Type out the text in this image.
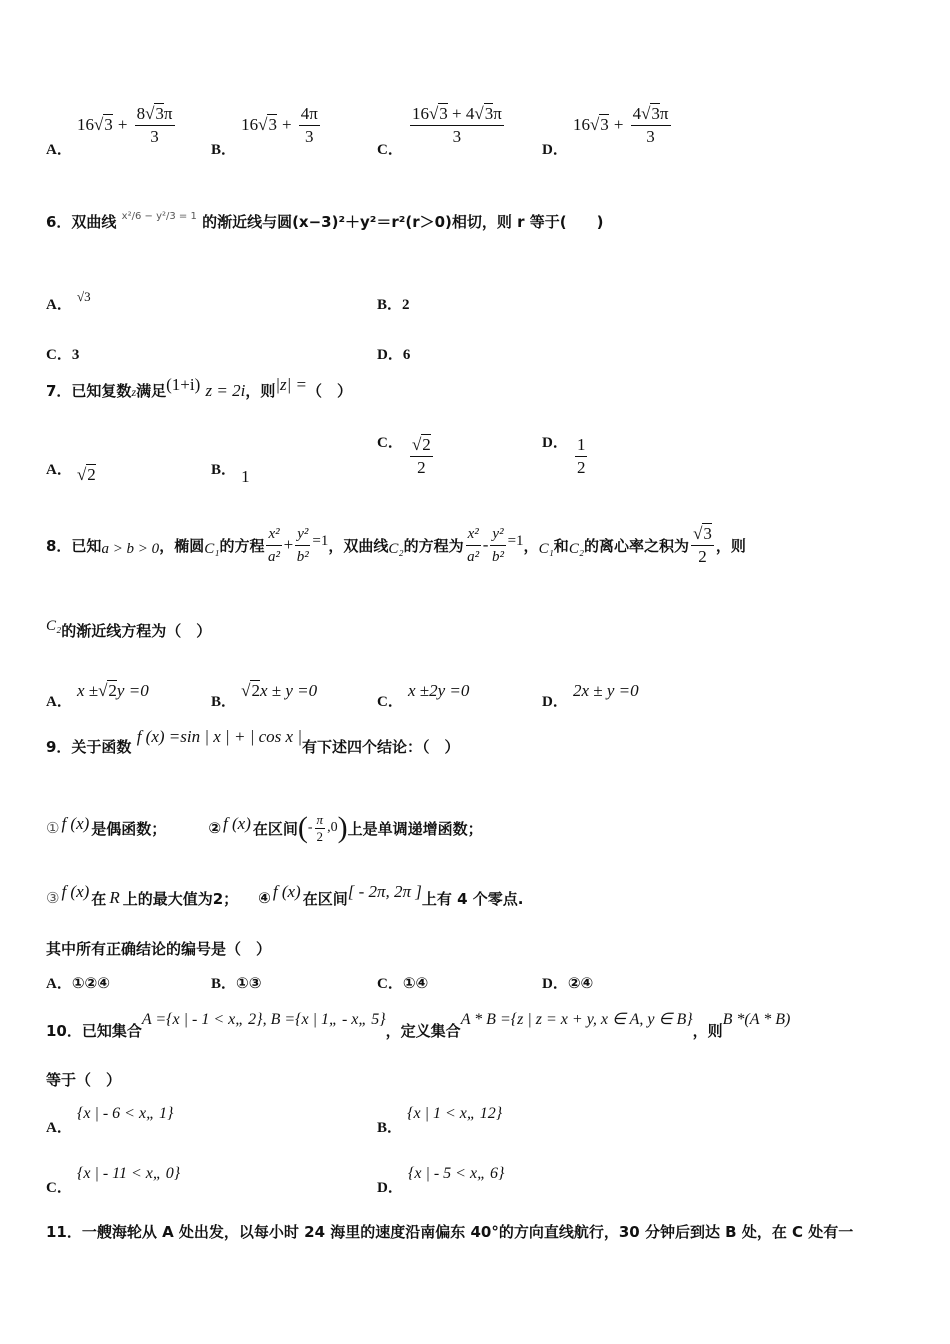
A． $16√3 + \frac{8√3\pi}{3}$
B． $16√3 + \frac{4\pi}{3}$
C．
$\frac{16√3 + 4√3\pi}{3}$
D． $16√3 + \frac{4√3\pi}{3}$
6．双曲线 $^{x^2/6 - y^2/3 = 1}$ 的渐近线与圆(x−3)²＋y²＝r²(r＞0)相切，则 r 等于(　　)
A． √3
B．2
C．3	D．6
7．已知复数z满足(1+i) z = 2i，则|z| =（　）
A． √2	B． 1
C． $\frac{√2}{2}$	D． $\frac{1}{2}$
8．已知 a > b > 0 ，椭圆 C₁ 的方程 $\frac{\text{x²}}{\text{a²}} + \frac{\text{y²}}{\text{b²}} =1$ ，双曲线 C₂ 的方程为 $\frac{\text{x²}}{\text{a²}} - \frac{\text{y²}}{\text{b²}} =1$ ， C₁ 和 C₂ 的离心率之积为 $\frac{√3}{2}$ ，则
C₂的渐近线方程为（　）
A． x ±√2y =0
B． √2x ± y =0
C． x ±2y =0
D． 2x ± y =0
9．关于函数 f (x) =sin | x | + | cos x |有下述四个结论：（　）
① f (x) 是偶函数；	② f (x) 在区间 ( - $\frac{\pi}{2} ,0$ ) 上是单调递增函数；
③ f (x) 在 R 上的最大值为2； ④ f (x) 在区间 [ - 2π, 2π ] 上有 4 个零点.
其中所有正确结论的编号是（　）
A．①②④	B．①③	C．①④	D．②④
10．已知集合A ={x | - 1 < x„ 2}, B ={x | 1„ - x„ 5}，定义集合A * B ={z | z = x + y, x ∈ A, y ∈ B}，则B *(A * B)
等于（　）
A． {x | - 6 < x„ 1}
B． {x | 1 < x„ 12}
C． {x | - 11 < x„ 0}
D． {x | - 5 < x„ 6}
11．一艘海轮从 A 处出发，以每小时 24 海里的速度沿南偏东 40°的方向直线航行，30 分钟后到达 B 处，在 C 处有一
